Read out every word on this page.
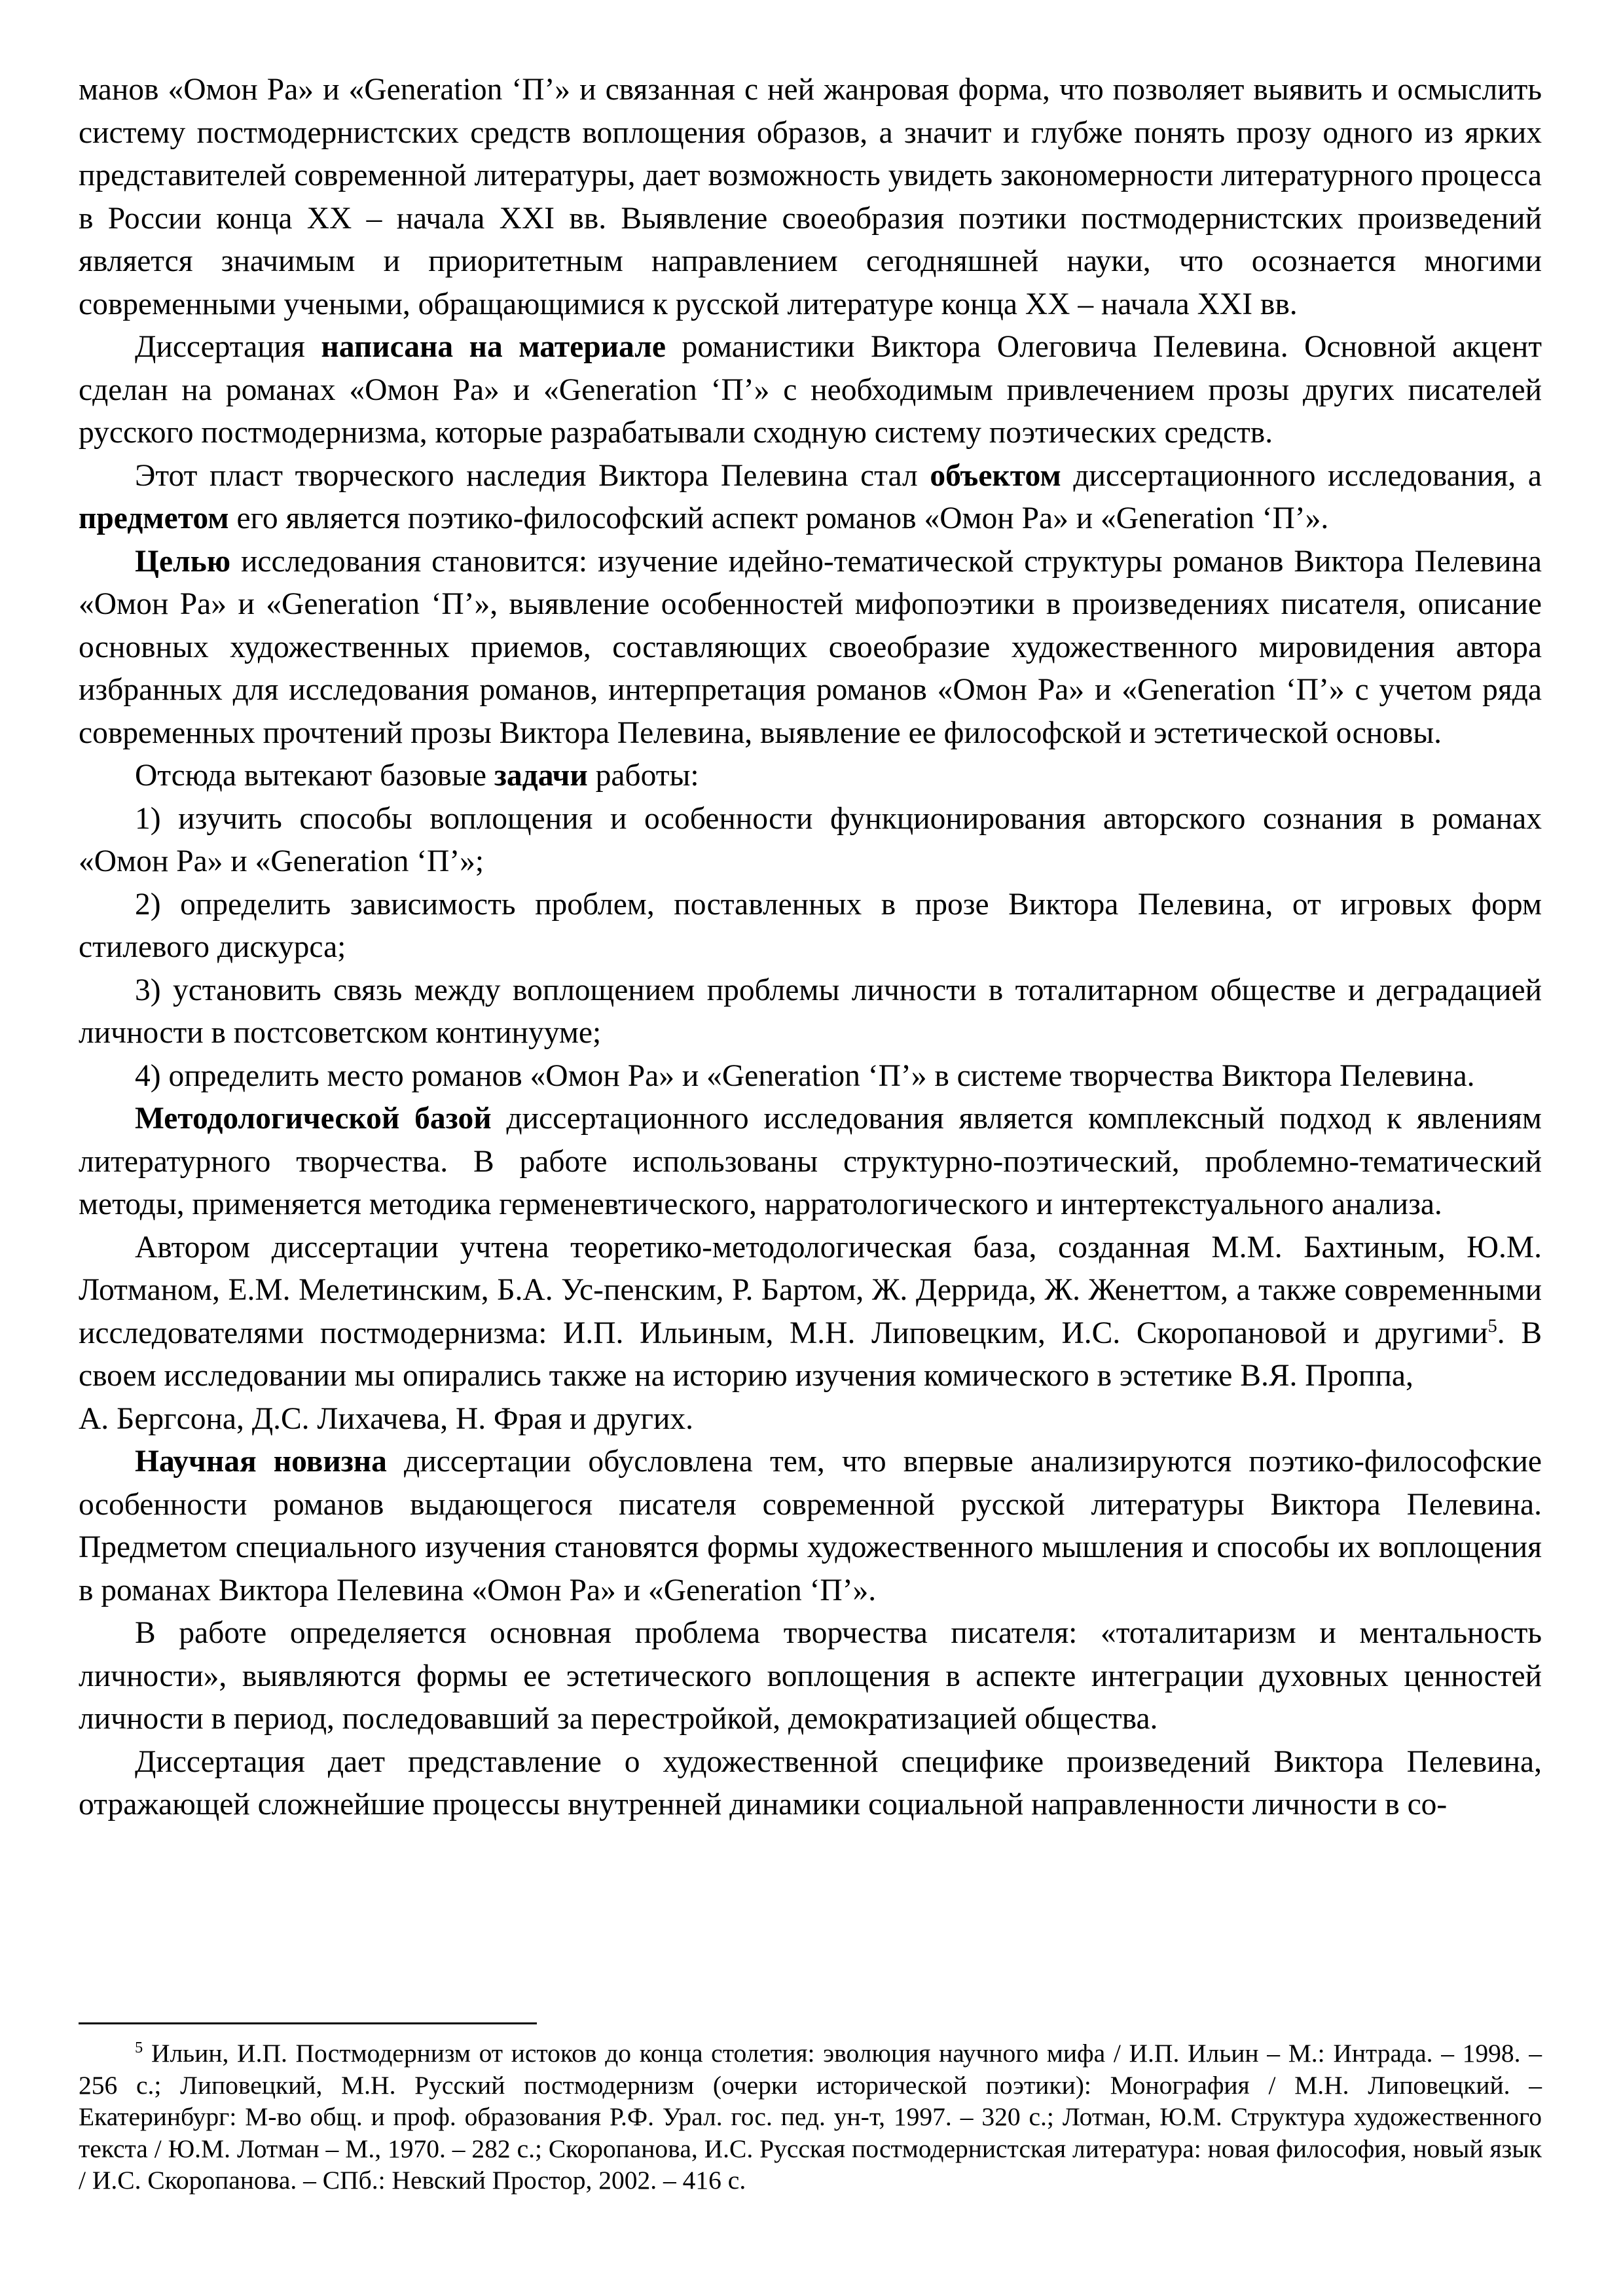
манов «Омон Ра» и «Generation ‘П’» и связанная с ней жанровая форма, что позволяет выявить и осмыслить систему постмодернистских средств воплощения образов, а значит и глубже понять прозу одного из ярких представителей современной литературы, дает возможность увидеть закономерности литературного процесса в России конца XX – начала XXI вв. Выявление своеобразия поэтики постмодернистских произведений является значимым и приоритетным направлением сегодняшней науки, что осознается многими современными учеными, обращающимися к русской литературе конца XX – начала XXI вв.

Диссертация написана на материале романистики Виктора Олеговича Пелевина. Основной акцент сделан на романах «Омон Ра» и «Generation ‘П’» с необходимым привлечением прозы других писателей русского постмодернизма, которые разрабатывали сходную систему поэтических средств.

Этот пласт творческого наследия Виктора Пелевина стал объектом диссертационного исследования, а предметом его является поэтико-философский аспект романов «Омон Ра» и «Generation ‘П’».

Целью исследования становится: изучение идейно-тематической структуры романов Виктора Пелевина «Омон Ра» и «Generation ‘П’», выявление особенностей мифопоэтики в произведениях писателя, описание основных художественных приемов, составляющих своеобразие художественного мировидения автора избранных для исследования романов, интерпретация романов «Омон Ра» и «Generation ‘П’» с учетом ряда современных прочтений прозы Виктора Пелевина, выявление ее философской и эстетической основы.

Отсюда вытекают базовые задачи работы:

1) изучить способы воплощения и особенности функционирования авторского сознания в романах «Омон Ра» и «Generation ‘П’»;

2) определить зависимость проблем, поставленных в прозе Виктора Пелевина, от игровых форм стилевого дискурса;

3) установить связь между воплощением проблемы личности в тоталитарном обществе и деградацией личности в постсоветском континууме;

4) определить место романов «Омон Ра» и «Generation ‘П’» в системе творчества Виктора Пелевина.

Методологической базой диссертационного исследования является комплексный подход к явлениям литературного творчества. В работе использованы структурно-поэтический, проблемно-тематический методы, применяется методика герменевтического, нарратологического и интертекстуального анализа.

Автором диссертации учтена теоретико-методологическая база, созданная М.М. Бахтиным, Ю.М. Лотманом, Е.М. Мелетинским, Б.А. Ус-пенским, Р. Бартом, Ж. Деррида, Ж. Женеттом, а также современными исследователями постмодернизма: И.П. Ильиным, М.Н. Липовецким, И.С. Скоропановой и другими$^5$. В своем исследовании мы опирались также на историю изучения комического в эстетике В.Я. Проппа,

А. Бергсона, Д.С. Лихачева, Н. Фрая и других.

Научная новизна диссертации обусловлена тем, что впервые анализируются поэтико-философские особенности романов выдающегося писателя современной русской литературы Виктора Пелевина. Предметом специального изучения становятся формы художественного мышления и способы их воплощения в романах Виктора Пелевина «Омон Ра» и «Generation ‘П’».

В работе определяется основная проблема творчества писателя: «тоталитаризм и ментальность личности», выявляются формы ее эстетического воплощения в аспекте интеграции духовных ценностей личности в период, последовавший за перестройкой, демократизацией общества.

Диссертация дает представление о художественной специфике произведений Виктора Пелевина, отражающей сложнейшие процессы внутренней динамики социальной направленности личности в со-

$^5$ Ильин, И.П. Постмодернизм от истоков до конца столетия: эволюция научного мифа / И.П. Ильин – М.: Интрада. – 1998. – 256 с.; Липовецкий, М.Н. Русский постмодернизм (очерки исторической поэтики): Монография / М.Н. Липовецкий. – Екатеринбург: М-во общ. и проф. образования Р.Ф. Урал. гос. пед. ун-т, 1997. – 320 с.; Лотман, Ю.М. Структура художественного текста / Ю.М. Лотман – М., 1970. – 282 с.; Скоропанова, И.С. Русская постмодернистская литература: новая философия, новый язык / И.С. Скоропанова. – СПб.: Невский Простор, 2002. – 416 с.
